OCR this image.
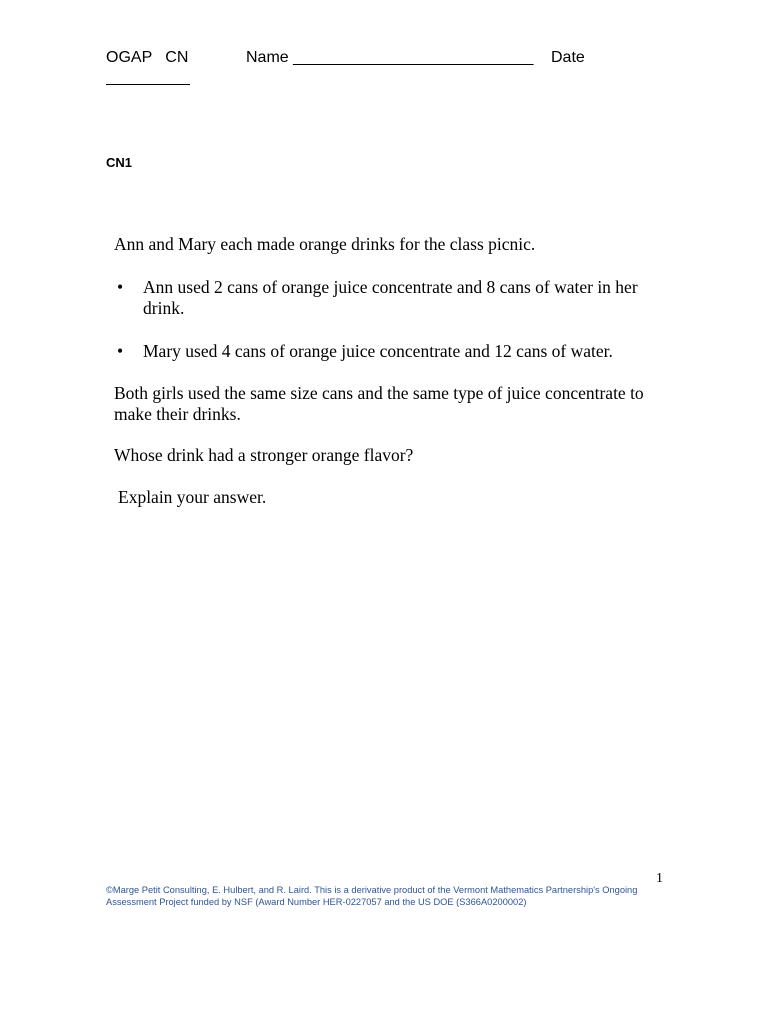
OGAP   CN	Name ___________________________ Date
CN1
Ann and Mary each made orange drinks for the class picnic.
•	Ann used 2 cans of orange juice concentrate and 8 cans of water in her drink.
•	Mary used 4 cans of orange juice concentrate and 12 cans of water.
Both girls used the same size cans and the same type of juice concentrate to make their drinks.
Whose drink had a stronger orange flavor?
Explain your answer.
1
©Marge Petit Consulting, E. Hulbert, and R. Laird. This is a derivative product of the Vermont Mathematics Partnership's Ongoing Assessment Project funded by NSF (Award Number HER-0227057 and the US DOE (S366A0200002)
